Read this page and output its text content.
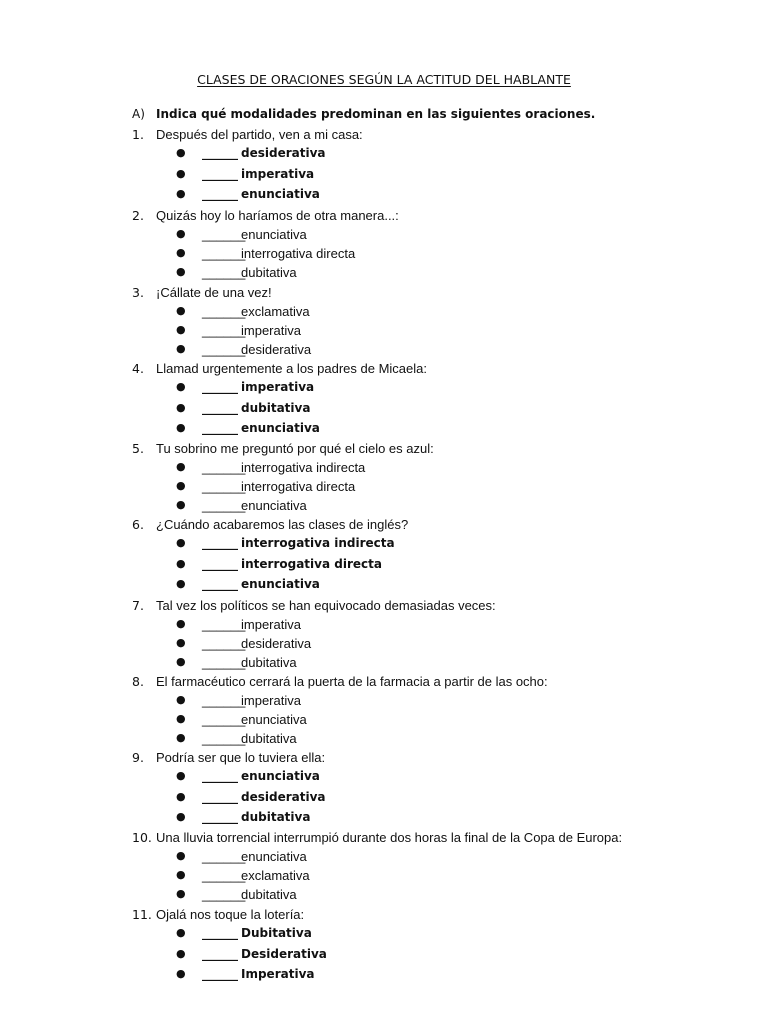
CLASES DE ORACIONES SEGÚN LA ACTITUD DEL HABLANTE
A) Indica qué modalidades predominan en las siguientes oraciones.
1. Después del partido, ven a mi casa:
● ______ desiderativa
● ______ imperativa
● ______ enunciativa
2. Quizás hoy lo haríamos de otra manera...:
● ______
enunciativa
● ______
interrogativa directa
● ______
dubitativa
3. ¡Cállate de una vez!
● ______
exclamativa
● ______
imperativa
● ______
desiderativa
4. Llamad urgentemente a los padres de Micaela:
● ______ imperativa
● ______ dubitativa
● ______ enunciativa
5. Tu sobrino me preguntó por qué el cielo es azul:
● ______
interrogativa indirecta
● ______
interrogativa directa
● ______
enunciativa
6. ¿Cuándo acabaremos las clases de inglés?
● ______ interrogativa indirecta
● ______ interrogativa directa
● ______ enunciativa
7. Tal vez los políticos se han equivocado demasiadas veces:
● ______
imperativa
● ______
desiderativa
● ______
dubitativa
8. El farmacéutico cerrará la puerta de la farmacia a partir de las ocho:
● ______
imperativa
● ______
enunciativa
● ______
dubitativa
9. Podría ser que lo tuviera ella:
● ______ enunciativa
● ______ desiderativa
● ______ dubitativa
10. Una lluvia torrencial interrumpió durante dos horas la final de la Copa de Europa:
● ______
enunciativa
● ______
exclamativa
● ______
dubitativa
11. Ojalá nos toque la lotería:
● ______ Dubitativa
● ______ Desiderativa
● ______ Imperativa
